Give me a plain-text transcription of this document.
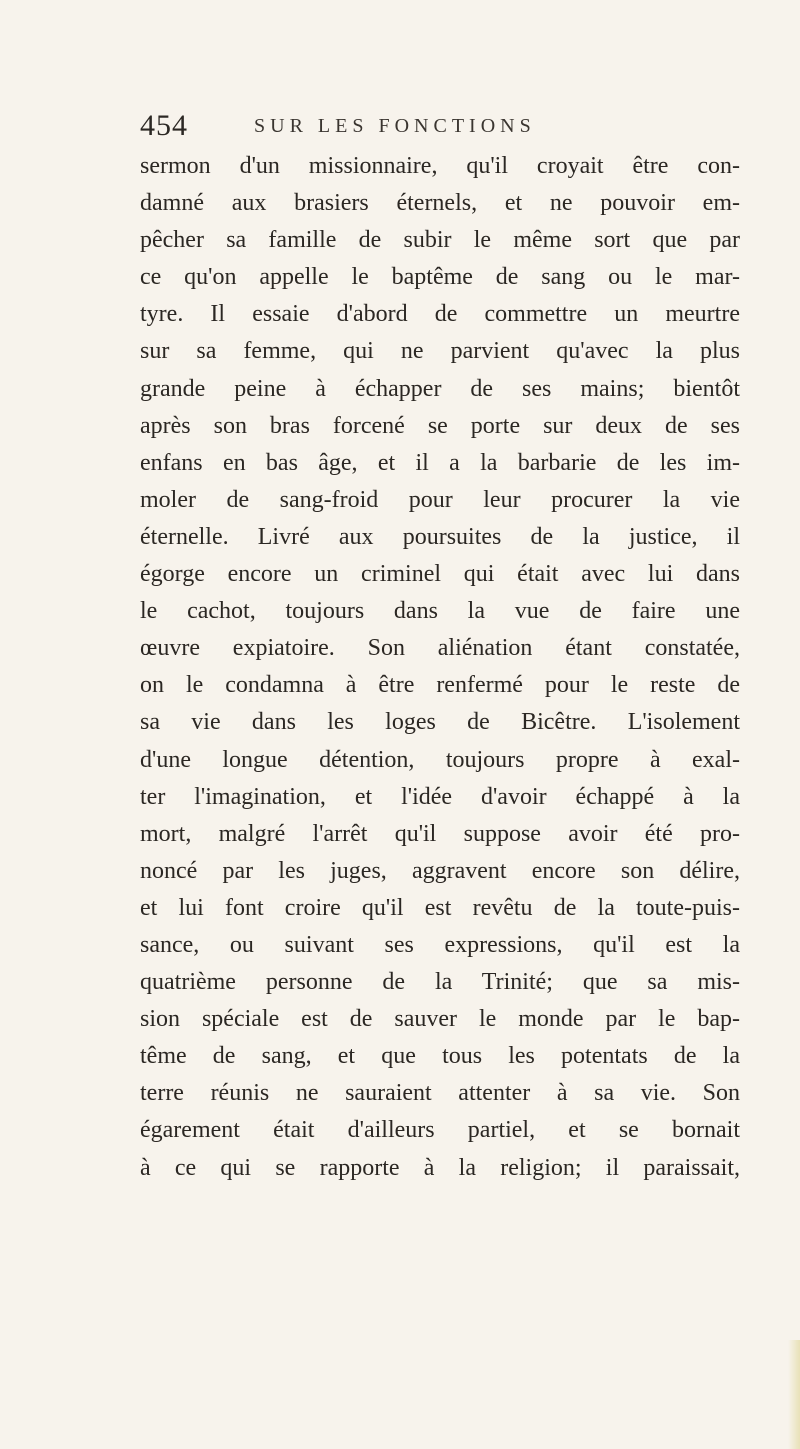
454	SUR LES FONCTIONS
sermon d'un missionnaire, qu'il croyait être con-
damné aux brasiers éternels, et ne pouvoir em-
pêcher sa famille de subir le même sort que par
ce qu'on appelle le baptême de sang ou le mar-
tyre. Il essaie d'abord de commettre un meurtre
sur sa femme, qui ne parvient qu'avec la plus
grande peine à échapper de ses mains; bientôt
après son bras forcené se porte sur deux de ses
enfans en bas âge, et il a la barbarie de les im-
moler de sang-froid pour leur procurer la vie
éternelle. Livré aux poursuites de la justice, il
égorge encore un criminel qui était avec lui dans
le cachot, toujours dans la vue de faire une
œuvre expiatoire. Son aliénation étant constatée,
on le condamna à être renfermé pour le reste de
sa vie dans les loges de Bicêtre. L'isolement
d'une longue détention, toujours propre à exal-
ter l'imagination, et l'idée d'avoir échappé à la
mort, malgré l'arrêt qu'il suppose avoir été pro-
noncé par les juges, aggravent encore son délire,
et lui font croire qu'il est revêtu de la toute-puis-
sance, ou suivant ses expressions, qu'il est la
quatrième personne de la Trinité; que sa mis-
sion spéciale est de sauver le monde par le bap-
tême de sang, et que tous les potentats de la
terre réunis ne sauraient attenter à sa vie. Son
égarement était d'ailleurs partiel, et se bornait
à ce qui se rapporte à la religion; il paraissait,
